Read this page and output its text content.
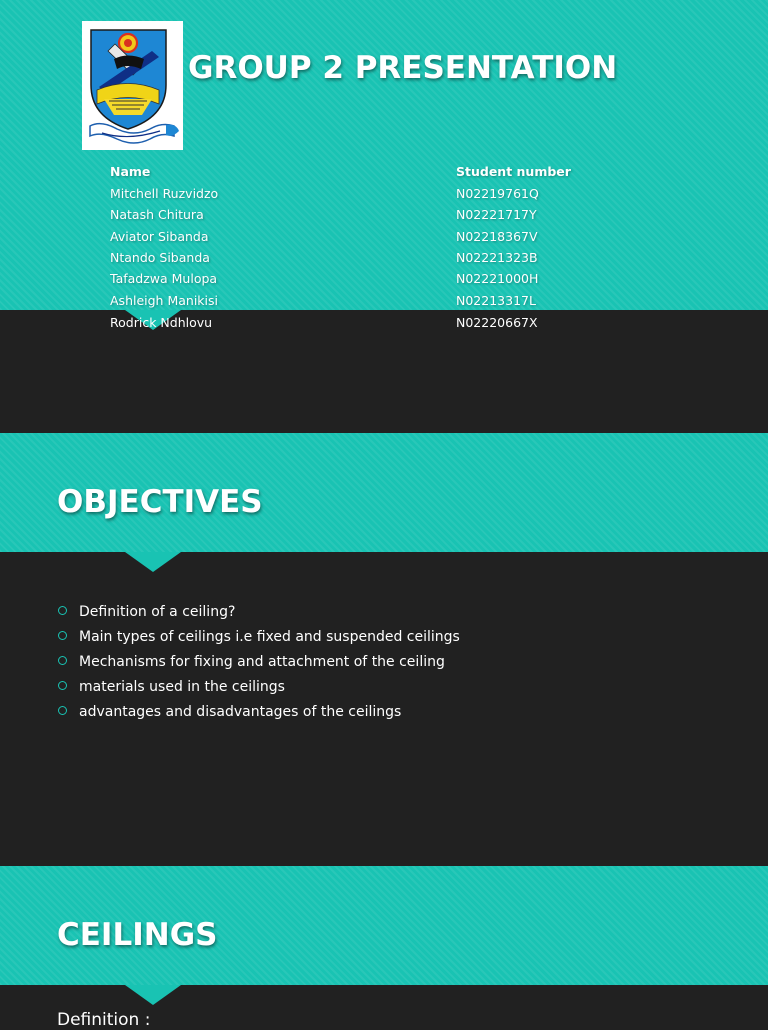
GROUP 2 PRESENTATION
Name	Student number
Mitchell Ruzvidzo	N02219761Q
Natash Chitura	N02221717Y
Aviator Sibanda	N02218367V
Ntando Sibanda	N02221323B
Tafadzwa Mulopa	N02221000H
Ashleigh Manikisi	N02213317L
Rodrick Ndhlovu	N02220667X
OBJECTIVES
Definition of a ceiling?
Main types of ceilings i.e fixed and suspended ceilings
Mechanisms for fixing and attachment of the ceiling
materials used in the ceilings
advantages and disadvantages of the ceilings
CEILINGS
Definition :
